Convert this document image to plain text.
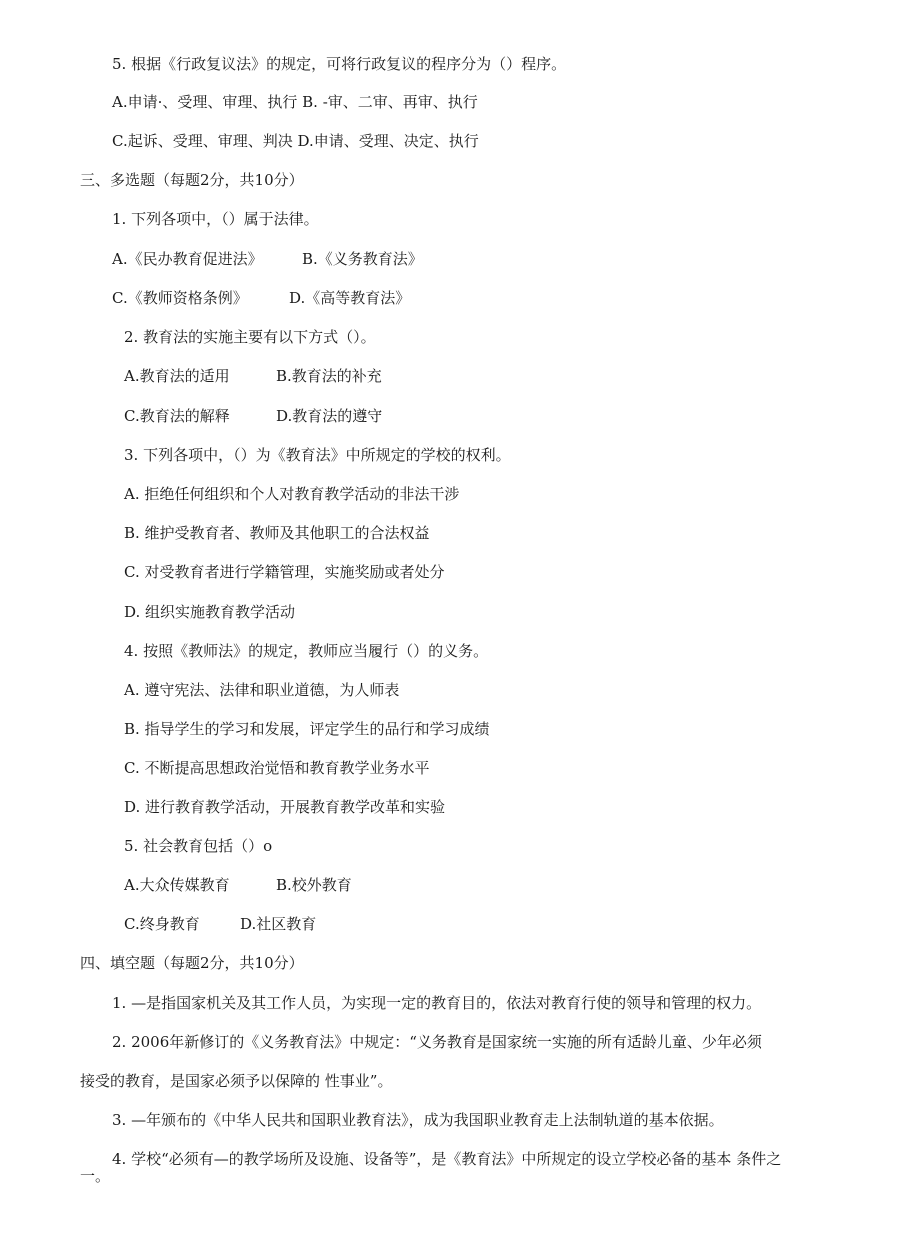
5. 根据《行政复议法》的规定，可将行政复议的程序分为（）程序。
A.申请·、受理、审理、执行 B. -审、二审、再审、执行
C.起诉、受理、审理、判决 D.申请、受理、决定、执行
三、多选题（每题2分，共10分）
1. 下列各项中，（）属于法律。
A.《民办教育促进法》	B.《义务教育法》
C.《教师资格条例》	D.《高等教育法》
2. 教育法的实施主要有以下方式（）。
A.教育法的适用	B.教育法的补充
C.教育法的解释	D.教育法的遵守
3. 下列各项中，（）为《教育法》中所规定的学校的权利。
A. 拒绝任何组织和个人对教育教学活动的非法干涉
B. 维护受教育者、教师及其他职工的合法权益
C. 对受教育者进行学籍管理，实施奖励或者处分
D. 组织实施教育教学活动
4. 按照《教师法》的规定，教师应当履行（）的义务。
A. 遵守宪法、法律和职业道德，为人师表
B. 指导学生的学习和发展，评定学生的品行和学习成绩
C. 不断提高思想政治觉悟和教育教学业务水平
D. 进行教育教学活动，开展教育教学改革和实验
5. 社会教育包括（）o
A.大众传媒教育	B.校外教育
C.终身教育	D.社区教育
四、填空题（每题2分，共10分）
1. —是指国家机关及其工作人员，为实现一定的教育目的，依法对教育行使的领导和管理的权力。
2. 2006年新修订的《义务教育法》中规定：“义务教育是国家统一实施的所有适龄儿童、少年必须
接受的教育，是国家必须予以保障的 性事业”。
3. —年颁布的《中华人民共和国职业教育法》，成为我国职业教育走上法制轨道的基本依据。
4. 学校“必须有—的教学场所及设施、设备等”，是《教育法》中所规定的设立学校必备的基本 条件之
一。
